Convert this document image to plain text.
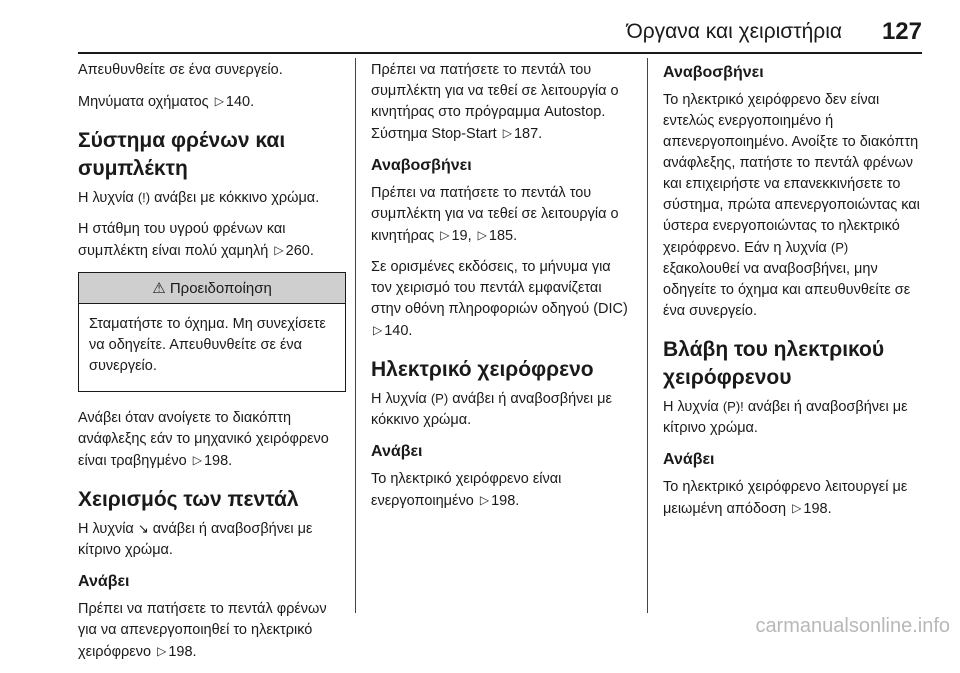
Όργανα και χειριστήρια 127

Απευθυνθείτε σε ένα συνεργείο.

Μηνύματα οχήματος ▷ 140.

Σύστημα φρένων και συμπλέκτη

Η λυχνία (!) ανάβει με κόκκινο χρώμα.

Η στάθμη του υγρού φρένων και συμπλέκτη είναι πολύ χαμηλή ▷ 260.

⚠ Προειδοποίηση

Σταματήστε το όχημα. Μη συνεχίσετε να οδηγείτε. Απευθυνθείτε σε ένα συνεργείο.

Ανάβει όταν ανοίγετε το διακόπτη ανάφλεξης εάν το μηχανικό χειρόφρενο είναι τραβηγμένο ▷ 198.

Χειρισμός των πεντάλ

Η λυχνία ↘ ανάβει ή αναβοσβήνει με κίτρινο χρώμα.

Ανάβει

Πρέπει να πατήσετε το πεντάλ φρένων για να απενεργοποιηθεί το ηλεκτρικό χειρόφρενο ▷ 198.

Πρέπει να πατήσετε το πεντάλ του συμπλέκτη για να τεθεί σε λειτουργία ο κινητήρας στο πρόγραμμα Autostop. Σύστημα Stop-Start ▷ 187.

Αναβοσβήνει

Πρέπει να πατήσετε το πεντάλ του συμπλέκτη για να τεθεί σε λειτουργία ο κινητήρας ▷ 19, ▷ 185.

Σε ορισμένες εκδόσεις, το μήνυμα για τον χειρισμό του πεντάλ εμφανίζεται στην οθόνη πληροφοριών οδηγού (DIC) ▷ 140.

Ηλεκτρικό χειρόφρενο

Η λυχνία (P) ανάβει ή αναβοσβήνει με κόκκινο χρώμα.

Ανάβει

Το ηλεκτρικό χειρόφρενο είναι ενεργοποιημένο ▷ 198.

Αναβοσβήνει

Το ηλεκτρικό χειρόφρενο δεν είναι εντελώς ενεργοποιημένο ή απενεργοποιημένο. Ανοίξτε το διακόπτη ανάφλεξης, πατήστε το πεντάλ φρένων και επιχειρήστε να επανεκκινήσετε το σύστημα, πρώτα απενεργοποιώντας και ύστερα ενεργοποιώντας το ηλεκτρικό χειρόφρενο. Εάν η λυχνία (P) εξακολουθεί να αναβοσβήνει, μην οδηγείτε το όχημα και απευθυνθείτε σε ένα συνεργείο.

Βλάβη του ηλεκτρικού χειρόφρενου

Η λυχνία (P)! ανάβει ή αναβοσβήνει με κίτρινο χρώμα.

Ανάβει

Το ηλεκτρικό χειρόφρενο λειτουργεί με μειωμένη απόδοση ▷ 198.

carmanualsonline.info
